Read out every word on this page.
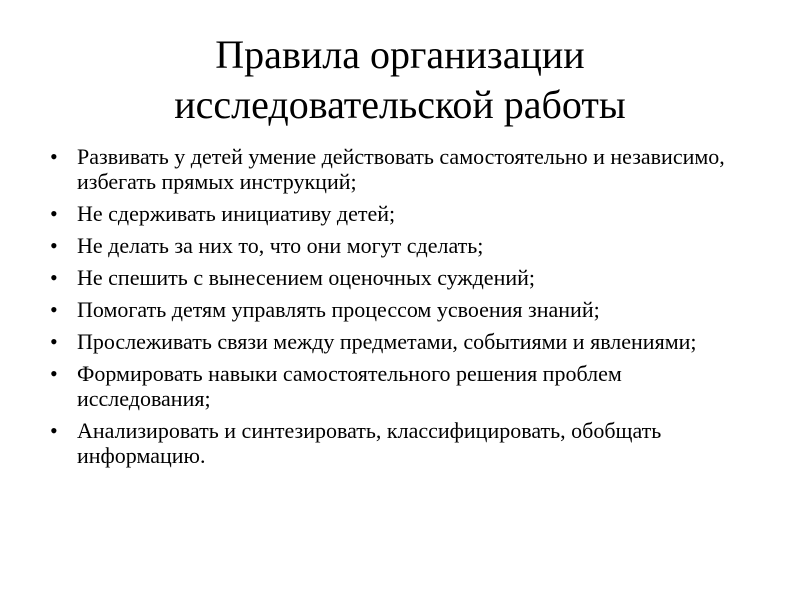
Правила организации
исследовательской работы
• Развивать у детей умение действовать самостоятельно и независимо, избегать прямых инструкций;
• Не сдерживать инициативу детей;
• Не делать за них то, что они могут сделать;
• Не спешить с вынесением оценочных суждений;
• Помогать детям управлять процессом усвоения знаний;
• Прослеживать связи между предметами, событиями и явлениями;
• Формировать навыки самостоятельного решения проблем исследования;
• Анализировать и синтезировать, классифицировать, обобщать информацию.
